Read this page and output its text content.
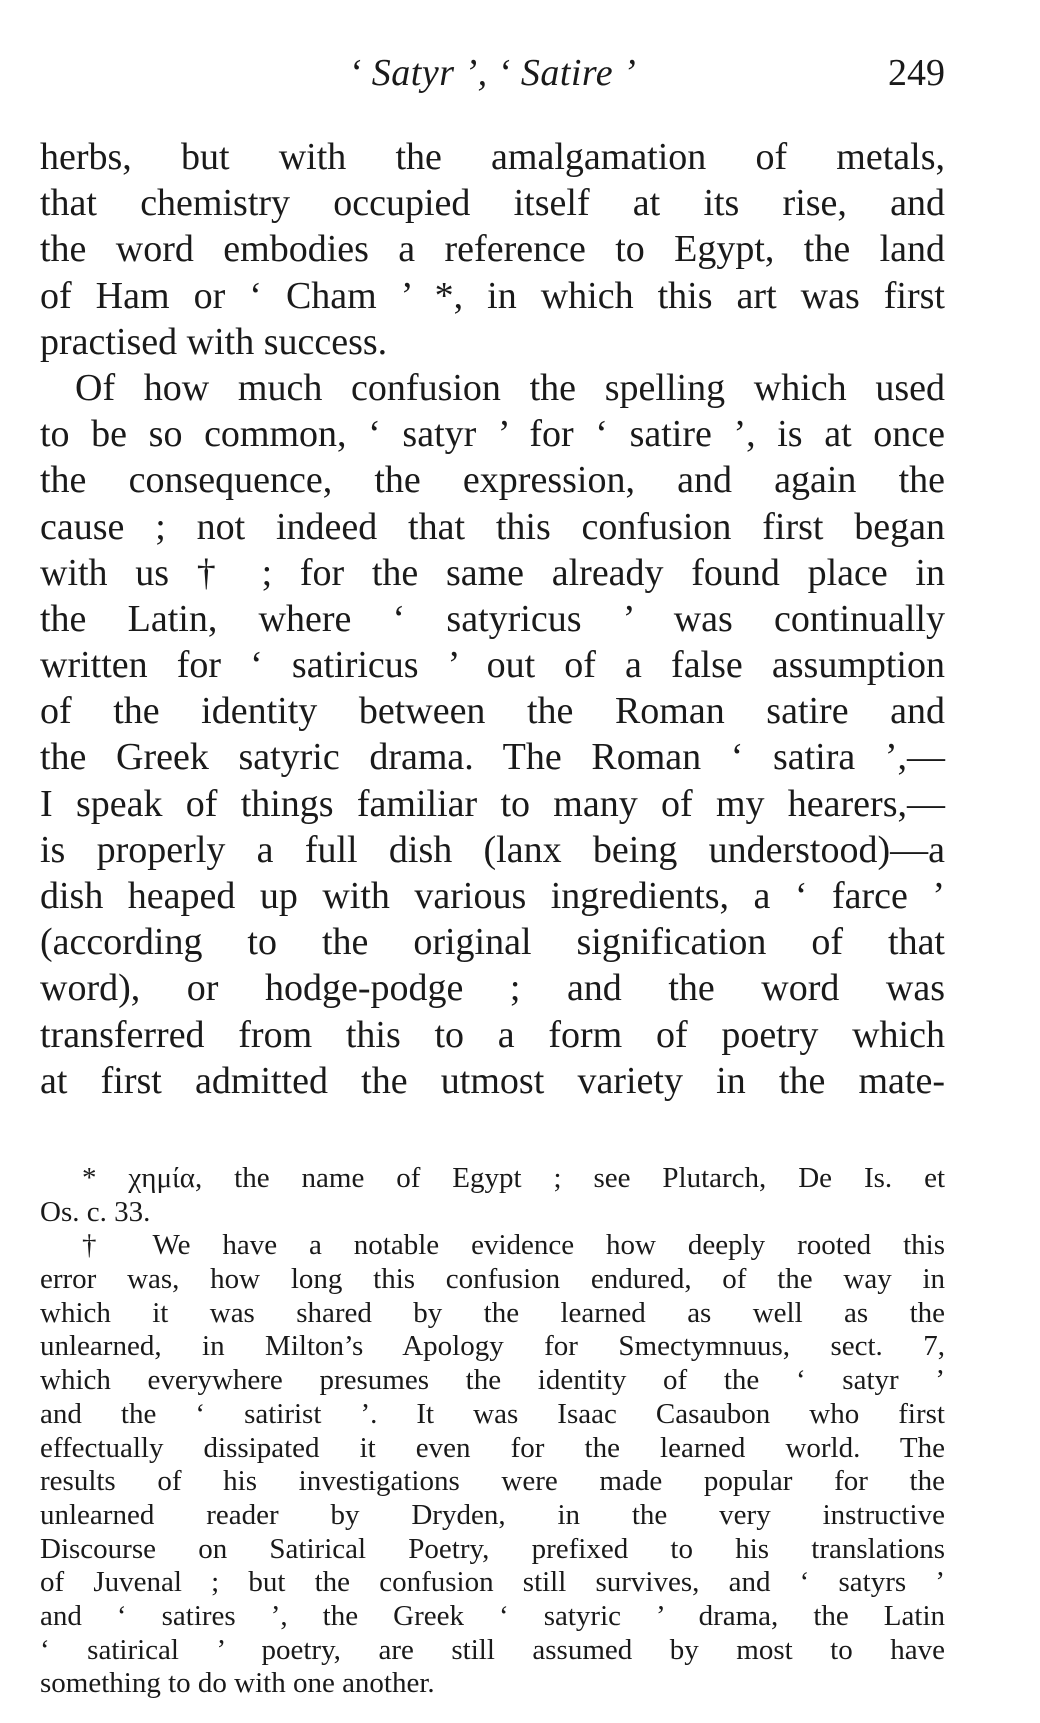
‘ Satyr ’, ‘ Satire ’	249
herbs, but with the amalgamation of metals,
that chemistry occupied itself at its rise, and
the word embodies a reference to Egypt, the land
of Ham or ‘ Cham ’ *, in which this art was first
practised with success.
Of how much confusion the spelling which used
to be so common, ‘ satyr ’ for ‘ satire ’, is at once
the consequence, the expression, and again the
cause ; not indeed that this confusion first began
with us † ; for the same already found place in
the Latin, where ‘ satyricus ’ was continually
written for ‘ satiricus ’ out of a false assumption
of the identity between the Roman satire and
the Greek satyric drama. The Roman ‘ satira ’,—
I speak of things familiar to many of my hearers,—
is properly a full dish (lanx being understood)—a
dish heaped up with various ingredients, a ‘ farce ’
(according to the original signification of that
word), or hodge-podge ; and the word was
transferred from this to a form of poetry which
at first admitted the utmost variety in the mate-
* χημία, the name of Egypt ; see Plutarch, De Is. et
Os. c. 33.
† We have a notable evidence how deeply rooted this
error was, how long this confusion endured, of the way in
which it was shared by the learned as well as the
unlearned, in Milton’s Apology for Smectymnuus, sect. 7,
which everywhere presumes the identity of the ‘ satyr ’
and the ‘ satirist ’. It was Isaac Casaubon who first
effectually dissipated it even for the learned world. The
results of his investigations were made popular for the
unlearned reader by Dryden, in the very instructive
Discourse on Satirical Poetry, prefixed to his translations
of Juvenal ; but the confusion still survives, and ‘ satyrs ’
and ‘ satires ’, the Greek ‘ satyric ’ drama, the Latin
‘ satirical ’ poetry, are still assumed by most to have
something to do with one another.
